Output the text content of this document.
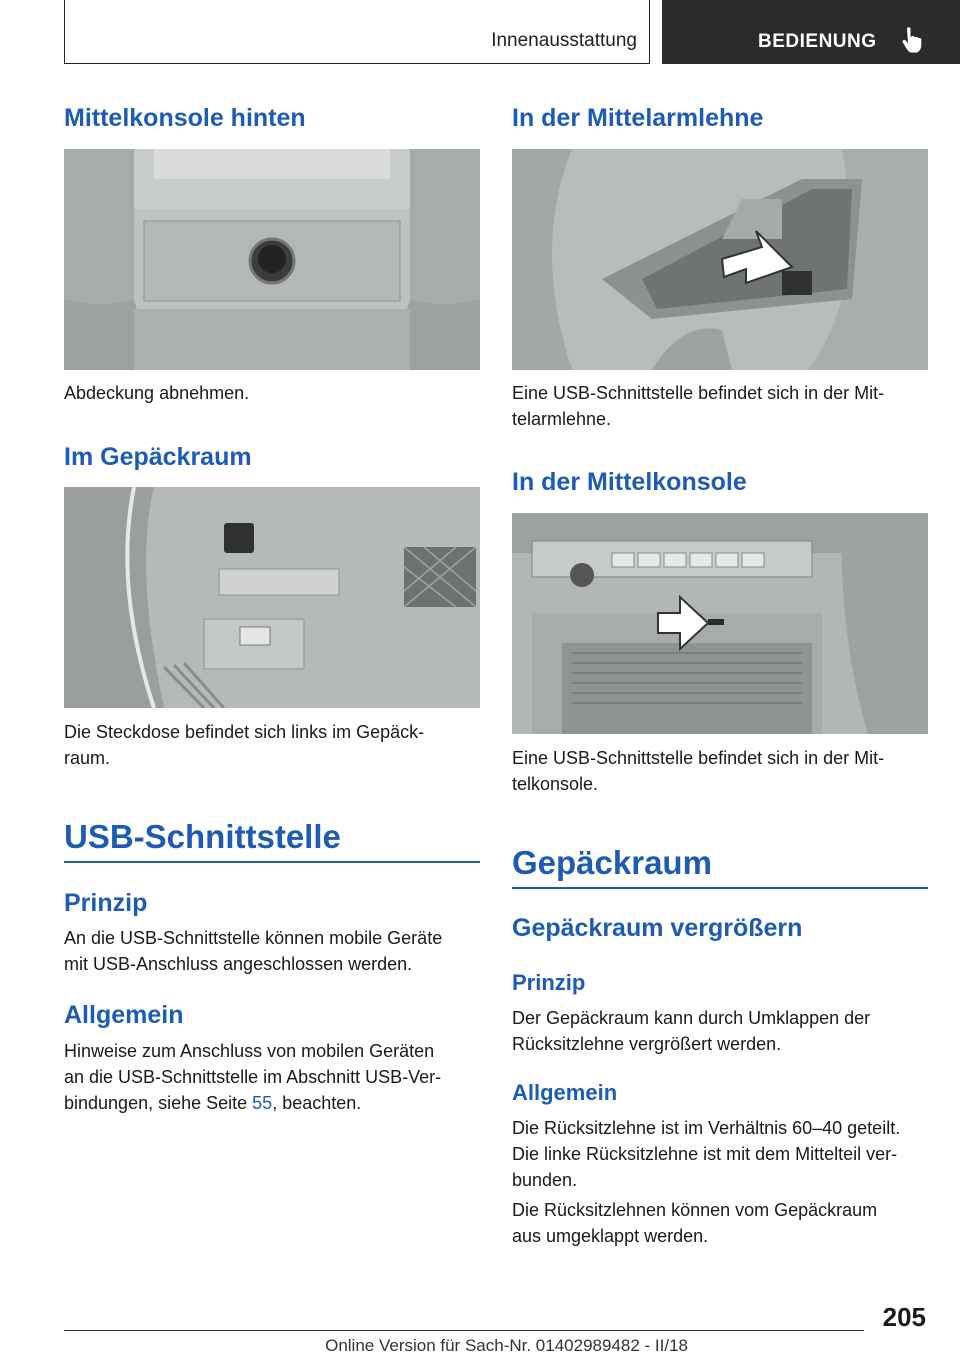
Innenausstattung	BEDIENUNG
Mittelkonsole hinten

Abdeckung abnehmen.

Im Gepäckraum

Die Steckdose befindet sich links im Gepäck-

raum.

USB-Schnittstelle
Prinzip

An die USB-Schnittstelle können mobile Geräte

mit USB-Anschluss angeschlossen werden.

Allgemein

Hinweise zum Anschluss von mobilen Geräten

an die USB-Schnittstelle im Abschnitt USB-Ver-

bindungen, siehe Seite 55, beachten.

In der Mittelarmlehne

Eine USB-Schnittstelle befindet sich in der Mit-

telarmlehne.

In der Mittelkonsole

Eine USB-Schnittstelle befindet sich in der Mit-

telkonsole.

Gepäckraum
Gepäckraum vergrößern
Prinzip

Der Gepäckraum kann durch Umklappen der

Rücksitzlehne vergrößert werden.

Allgemein

Die Rücksitzlehne ist im Verhältnis 60–40 geteilt.

Die linke Rücksitzlehne ist mit dem Mittelteil ver-

bunden.

Die Rücksitzlehnen können vom Gepäckraum

aus umgeklappt werden.

205
Online Version für Sach-Nr. 01402989482 - II/18
